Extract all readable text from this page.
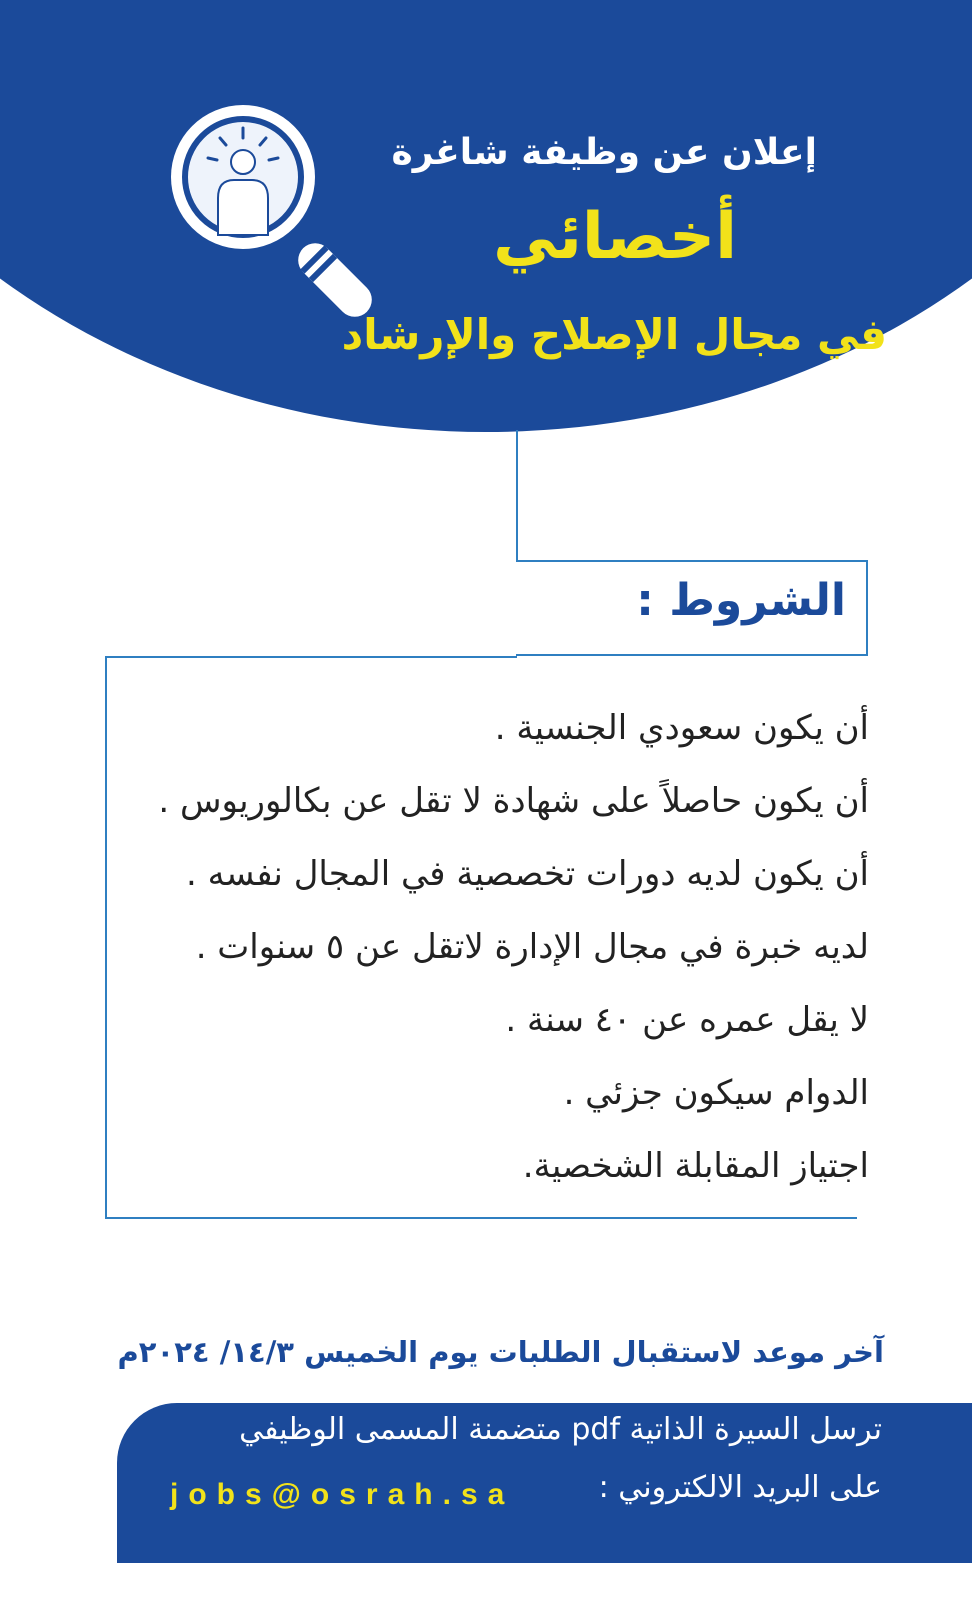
إعلان عن وظيفة شاغرة
أخصائي
في مجال الإصلاح والإرشاد
الشروط :
أن يكون سعودي الجنسية .
أن يكون حاصلاً على شهادة لا تقل عن بكالوريوس .
أن يكون لديه دورات تخصصية في المجال نفسه .
لديه خبرة في مجال الإدارة لاتقل عن ٥ سنوات .
لا يقل عمره عن ٤٠ سنة .
الدوام سيكون جزئي .
اجتياز المقابلة الشخصية.
آخر موعد لاستقبال الطلبات يوم الخميس ١٤/٣/ ٢٠٢٤م
ترسل السيرة الذاتية pdf متضمنة المسمى الوظيفي
على البريد الالكتروني :
jobs@osrah.sa
